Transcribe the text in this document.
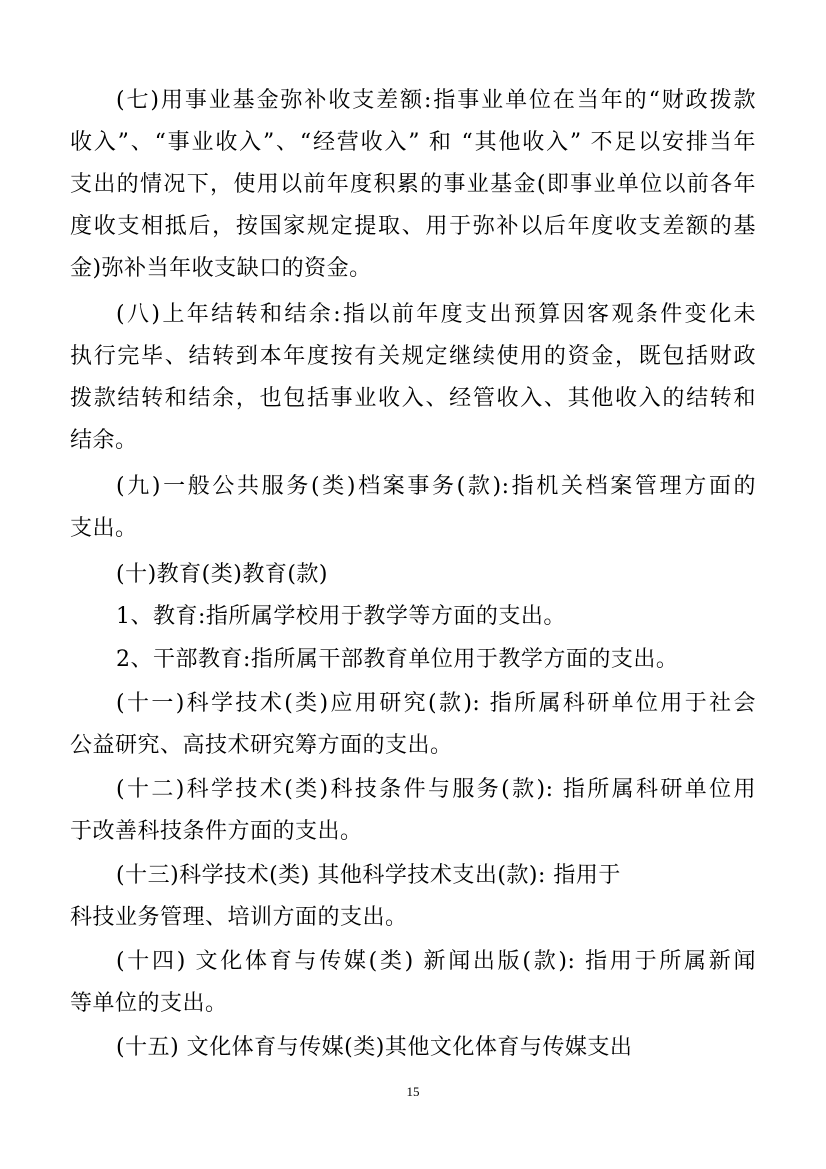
(七)用事业基金弥补收支差额:指事业单位在当年的“财政拨款
收入”、“事业收入”、“经营收入” 和 “其他收入” 不足以安排当年
支出的情况下，使用以前年度积累的事业基金(即事业单位以前各年
度收支相抵后，按国家规定提取、用于弥补以后年度收支差额的基
金)弥补当年收支缺口的资金。
(八)上年结转和结余:指以前年度支出预算因客观条件变化未
执行完毕、结转到本年度按有关规定继续使用的资金，既包括财政
拨款结转和结余，也包括事业收入、经管收入、其他收入的结转和
结余。
(九)一般公共服务(类)档案事务(款):指机关档案管理方面的
支出。
(十)教育(类)教育(款)
1、教育:指所属学校用于教学等方面的支出。
2、干部教育:指所属干部教育单位用于教学方面的支出。
(十一)科学技术(类)应用研究(款): 指所属科研单位用于社会
公益研究、高技术研究筹方面的支出。
(十二)科学技术(类)科技条件与服务(款): 指所属科研单位用
于改善科技条件方面的支出。
(十三)科学技术(类) 其他科学技术支出(款): 指用于
科技业务管理、培训方面的支出。
(十四) 文化体育与传媒(类) 新闻出版(款): 指用于所属新闻
等单位的支出。
(十五) 文化体育与传媒(类)其他文化体育与传媒支出
15
